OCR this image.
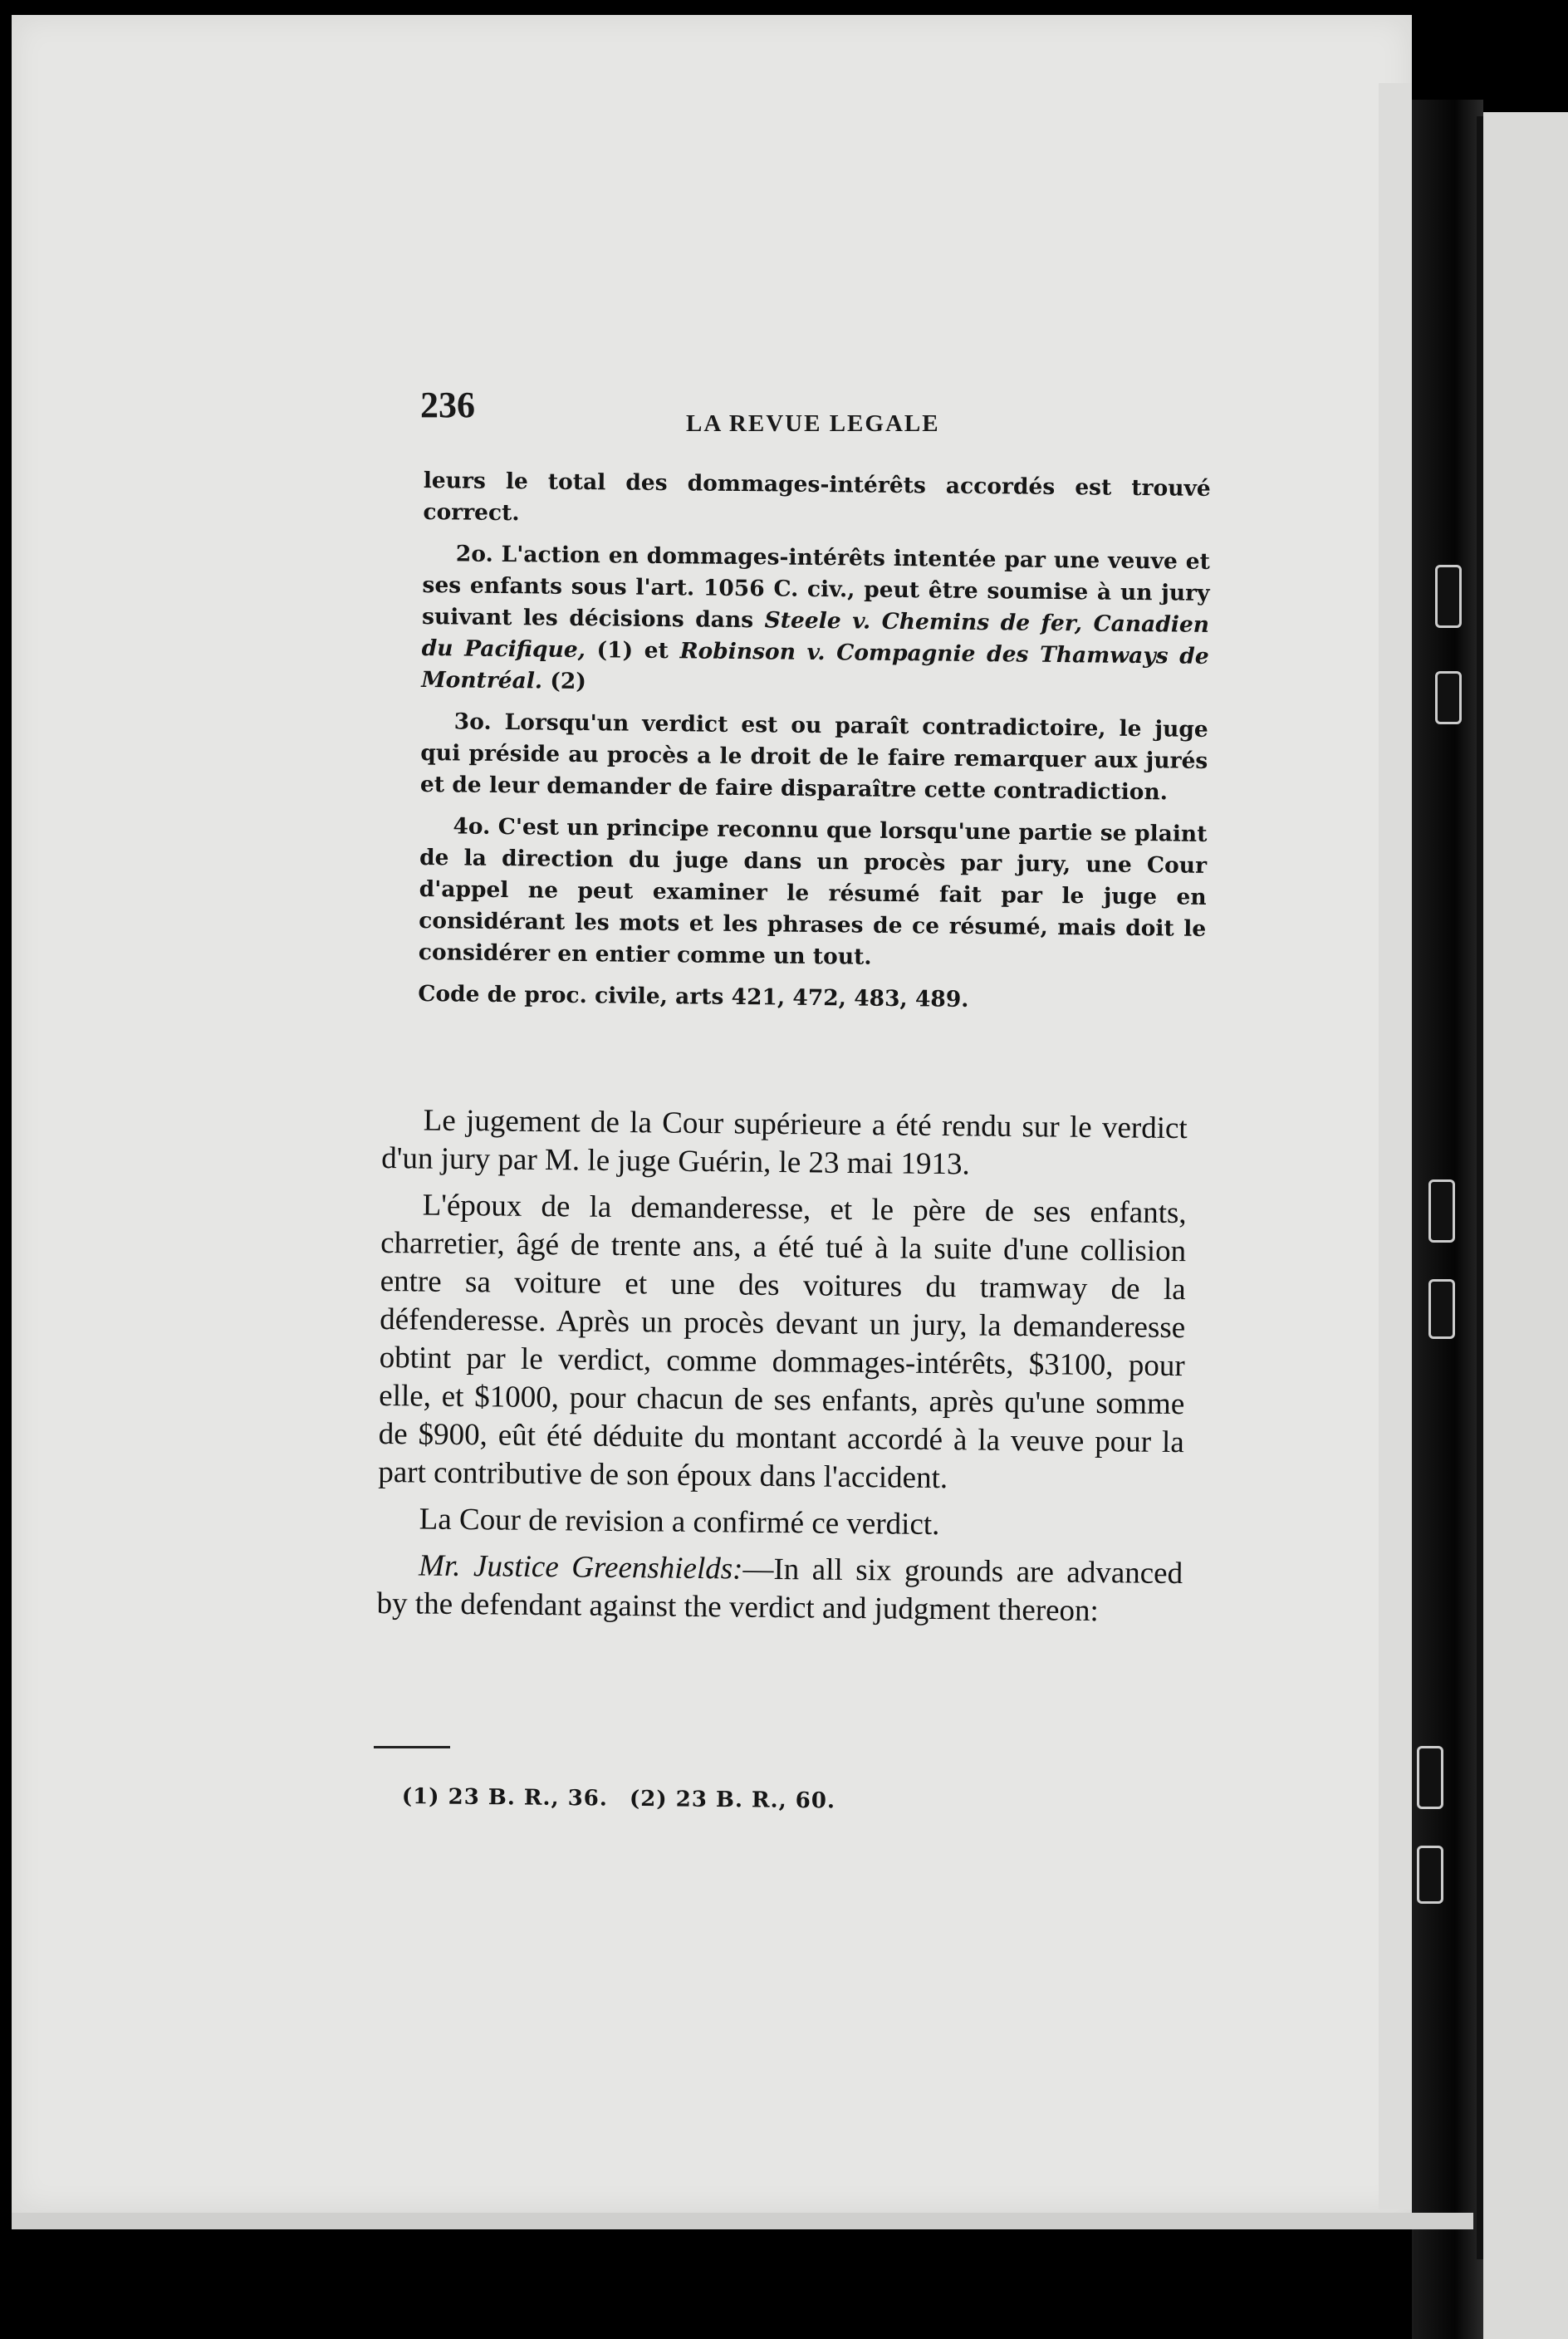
236	LA REVUE LEGALE

leurs le total des dommages-intérêts accordés est trouvé correct.

2o. L'action en dommages-intérêts intentée par une veuve et ses enfants sous l'art. 1056 C. civ., peut être soumise à un jury suivant les décisions dans Steele v. Chemins de fer, Canadien du Pacifique, (1) et Robinson v. Compagnie des Thamways de Montréal. (2)

3o. Lorsqu'un verdict est ou paraît contradictoire, le juge qui préside au procès a le droit de le faire remarquer aux jurés et de leur demander de faire disparaître cette contradiction.

4o. C'est un principe reconnu que lorsqu'une partie se plaint de la direction du juge dans un procès par jury, une Cour d'appel ne peut examiner le résumé fait par le juge en considérant les mots et les phrases de ce résumé, mais doit le considérer en entier comme un tout.

Code de proc. civile, arts 421, 472, 483, 489.

Le jugement de la Cour supérieure a été rendu sur le verdict d'un jury par M. le juge Guérin, le 23 mai 1913.

L'époux de la demanderesse, et le père de ses enfants, charretier, âgé de trente ans, a été tué à la suite d'une collision entre sa voiture et une des voitures du tramway de la défenderesse. Après un procès devant un jury, la demanderesse obtint par le verdict, comme dommages-intérêts, $3100, pour elle, et $1000, pour chacun de ses enfants, après qu'une somme de $900, eût été déduite du montant accordé à la veuve pour la part contributive de son époux dans l'accident.

La Cour de revision a confirmé ce verdict.

Mr. Justice Greenshields:—In all six grounds are advanced by the defendant against the verdict and judgment thereon:

(1) 23 B. R., 36. (2) 23 B. R., 60.
